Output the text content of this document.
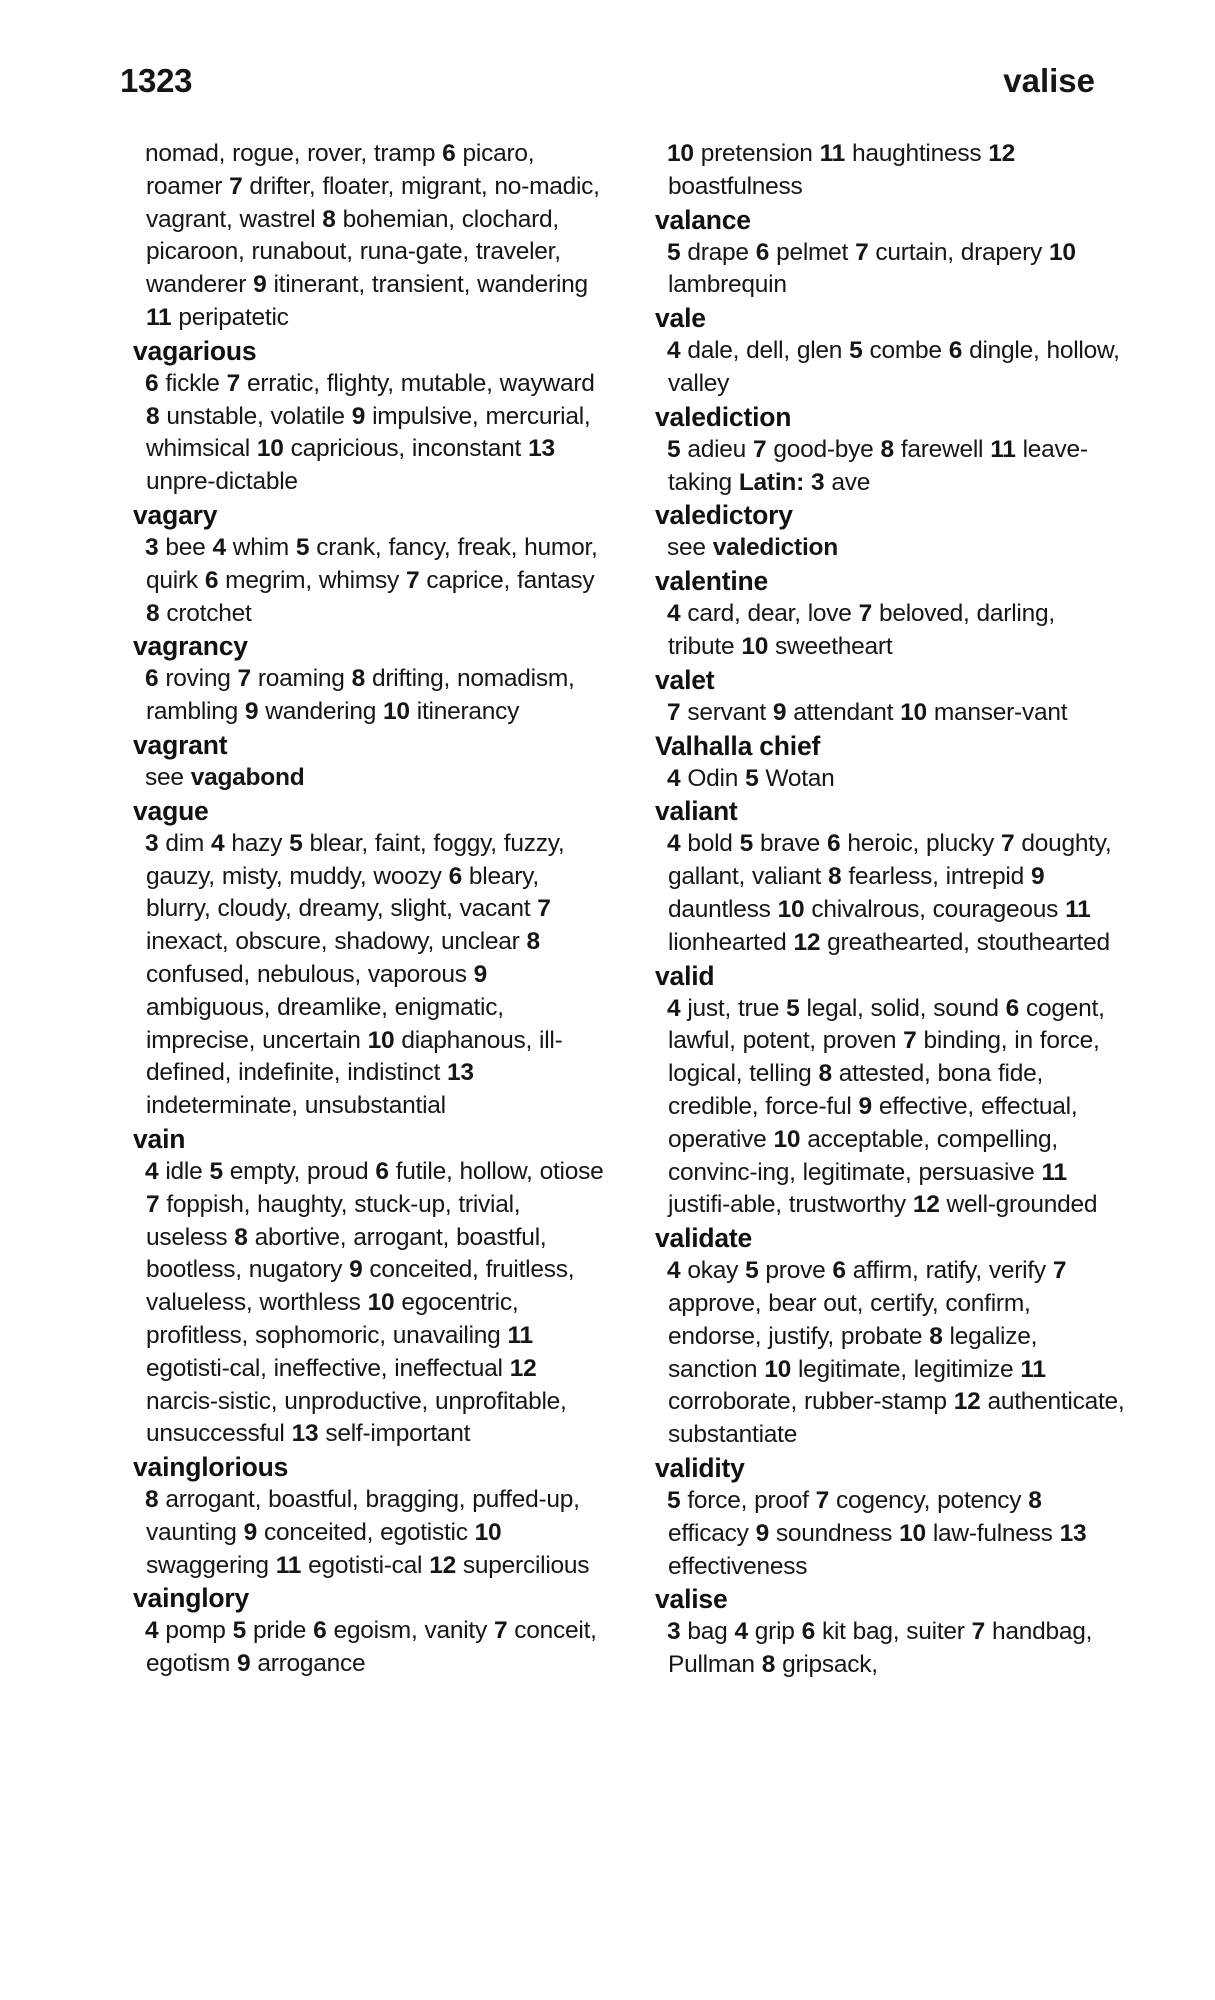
1323	valise

nomad, rogue, rover, tramp 6 picaro, roamer 7 drifter, floater, migrant, no-madic, vagrant, wastrel 8 bohemian, clochard, picaroon, runabout, runa-gate, traveler, wanderer 9 itinerant, transient, wandering 11 peripatetic

vagarious

6 fickle 7 erratic, flighty, mutable, wayward 8 unstable, volatile 9 impulsive, mercurial, whimsical 10 capricious, inconstant 13 unpre-dictable

vagary

3 bee 4 whim 5 crank, fancy, freak, humor, quirk 6 megrim, whimsy 7 caprice, fantasy 8 crotchet

vagrancy

6 roving 7 roaming 8 drifting, nomadism, rambling 9 wandering 10 itinerancy

vagrant

see vagabond

vague

3 dim 4 hazy 5 blear, faint, foggy, fuzzy, gauzy, misty, muddy, woozy 6 bleary, blurry, cloudy, dreamy, slight, vacant 7 inexact, obscure, shadowy, unclear 8 confused, nebulous, vaporous 9 ambiguous, dreamlike, enigmatic, imprecise, uncertain 10 diaphanous, ill-defined, indefinite, indistinct 13 indeterminate, unsubstantial

vain

4 idle 5 empty, proud 6 futile, hollow, otiose 7 foppish, haughty, stuck-up, trivial, useless 8 abortive, arrogant, boastful, bootless, nugatory 9 conceited, fruitless, valueless, worthless 10 egocentric, profitless, sophomoric, unavailing 11 egotisti-cal, ineffective, ineffectual 12 narcis-sistic, unproductive, unprofitable, unsuccessful 13 self-important

vainglorious

8 arrogant, boastful, bragging, puffed-up, vaunting 9 conceited, egotistic 10 swaggering 11 egotisti-cal 12 supercilious

vainglory

4 pomp 5 pride 6 egoism, vanity 7 conceit, egotism 9 arrogance

10 pretension 11 haughtiness 12 boastfulness

valance

5 drape 6 pelmet 7 curtain, drapery 10 lambrequin

vale

4 dale, dell, glen 5 combe 6 dingle, hollow, valley

valediction

5 adieu 7 good-bye 8 farewell 11 leave-taking Latin: 3 ave

valedictory

see valediction

valentine

4 card, dear, love 7 beloved, darling, tribute 10 sweetheart

valet

7 servant 9 attendant 10 manser-vant

Valhalla chief

4 Odin 5 Wotan

valiant

4 bold 5 brave 6 heroic, plucky 7 doughty, gallant, valiant 8 fearless, intrepid 9 dauntless 10 chivalrous, courageous 11 lionhearted 12 greathearted, stouthearted

valid

4 just, true 5 legal, solid, sound 6 cogent, lawful, potent, proven 7 binding, in force, logical, telling 8 attested, bona fide, credible, force-ful 9 effective, effectual, operative 10 acceptable, compelling, convinc-ing, legitimate, persuasive 11 justifi-able, trustworthy 12 well-grounded

validate

4 okay 5 prove 6 affirm, ratify, verify 7 approve, bear out, certify, confirm, endorse, justify, probate 8 legalize, sanction 10 legitimate, legitimize 11 corroborate, rubber-stamp 12 authenticate, substantiate

validity

5 force, proof 7 cogency, potency 8 efficacy 9 soundness 10 law-fulness 13 effectiveness

valise

3 bag 4 grip 6 kit bag, suiter 7 handbag, Pullman 8 gripsack,
